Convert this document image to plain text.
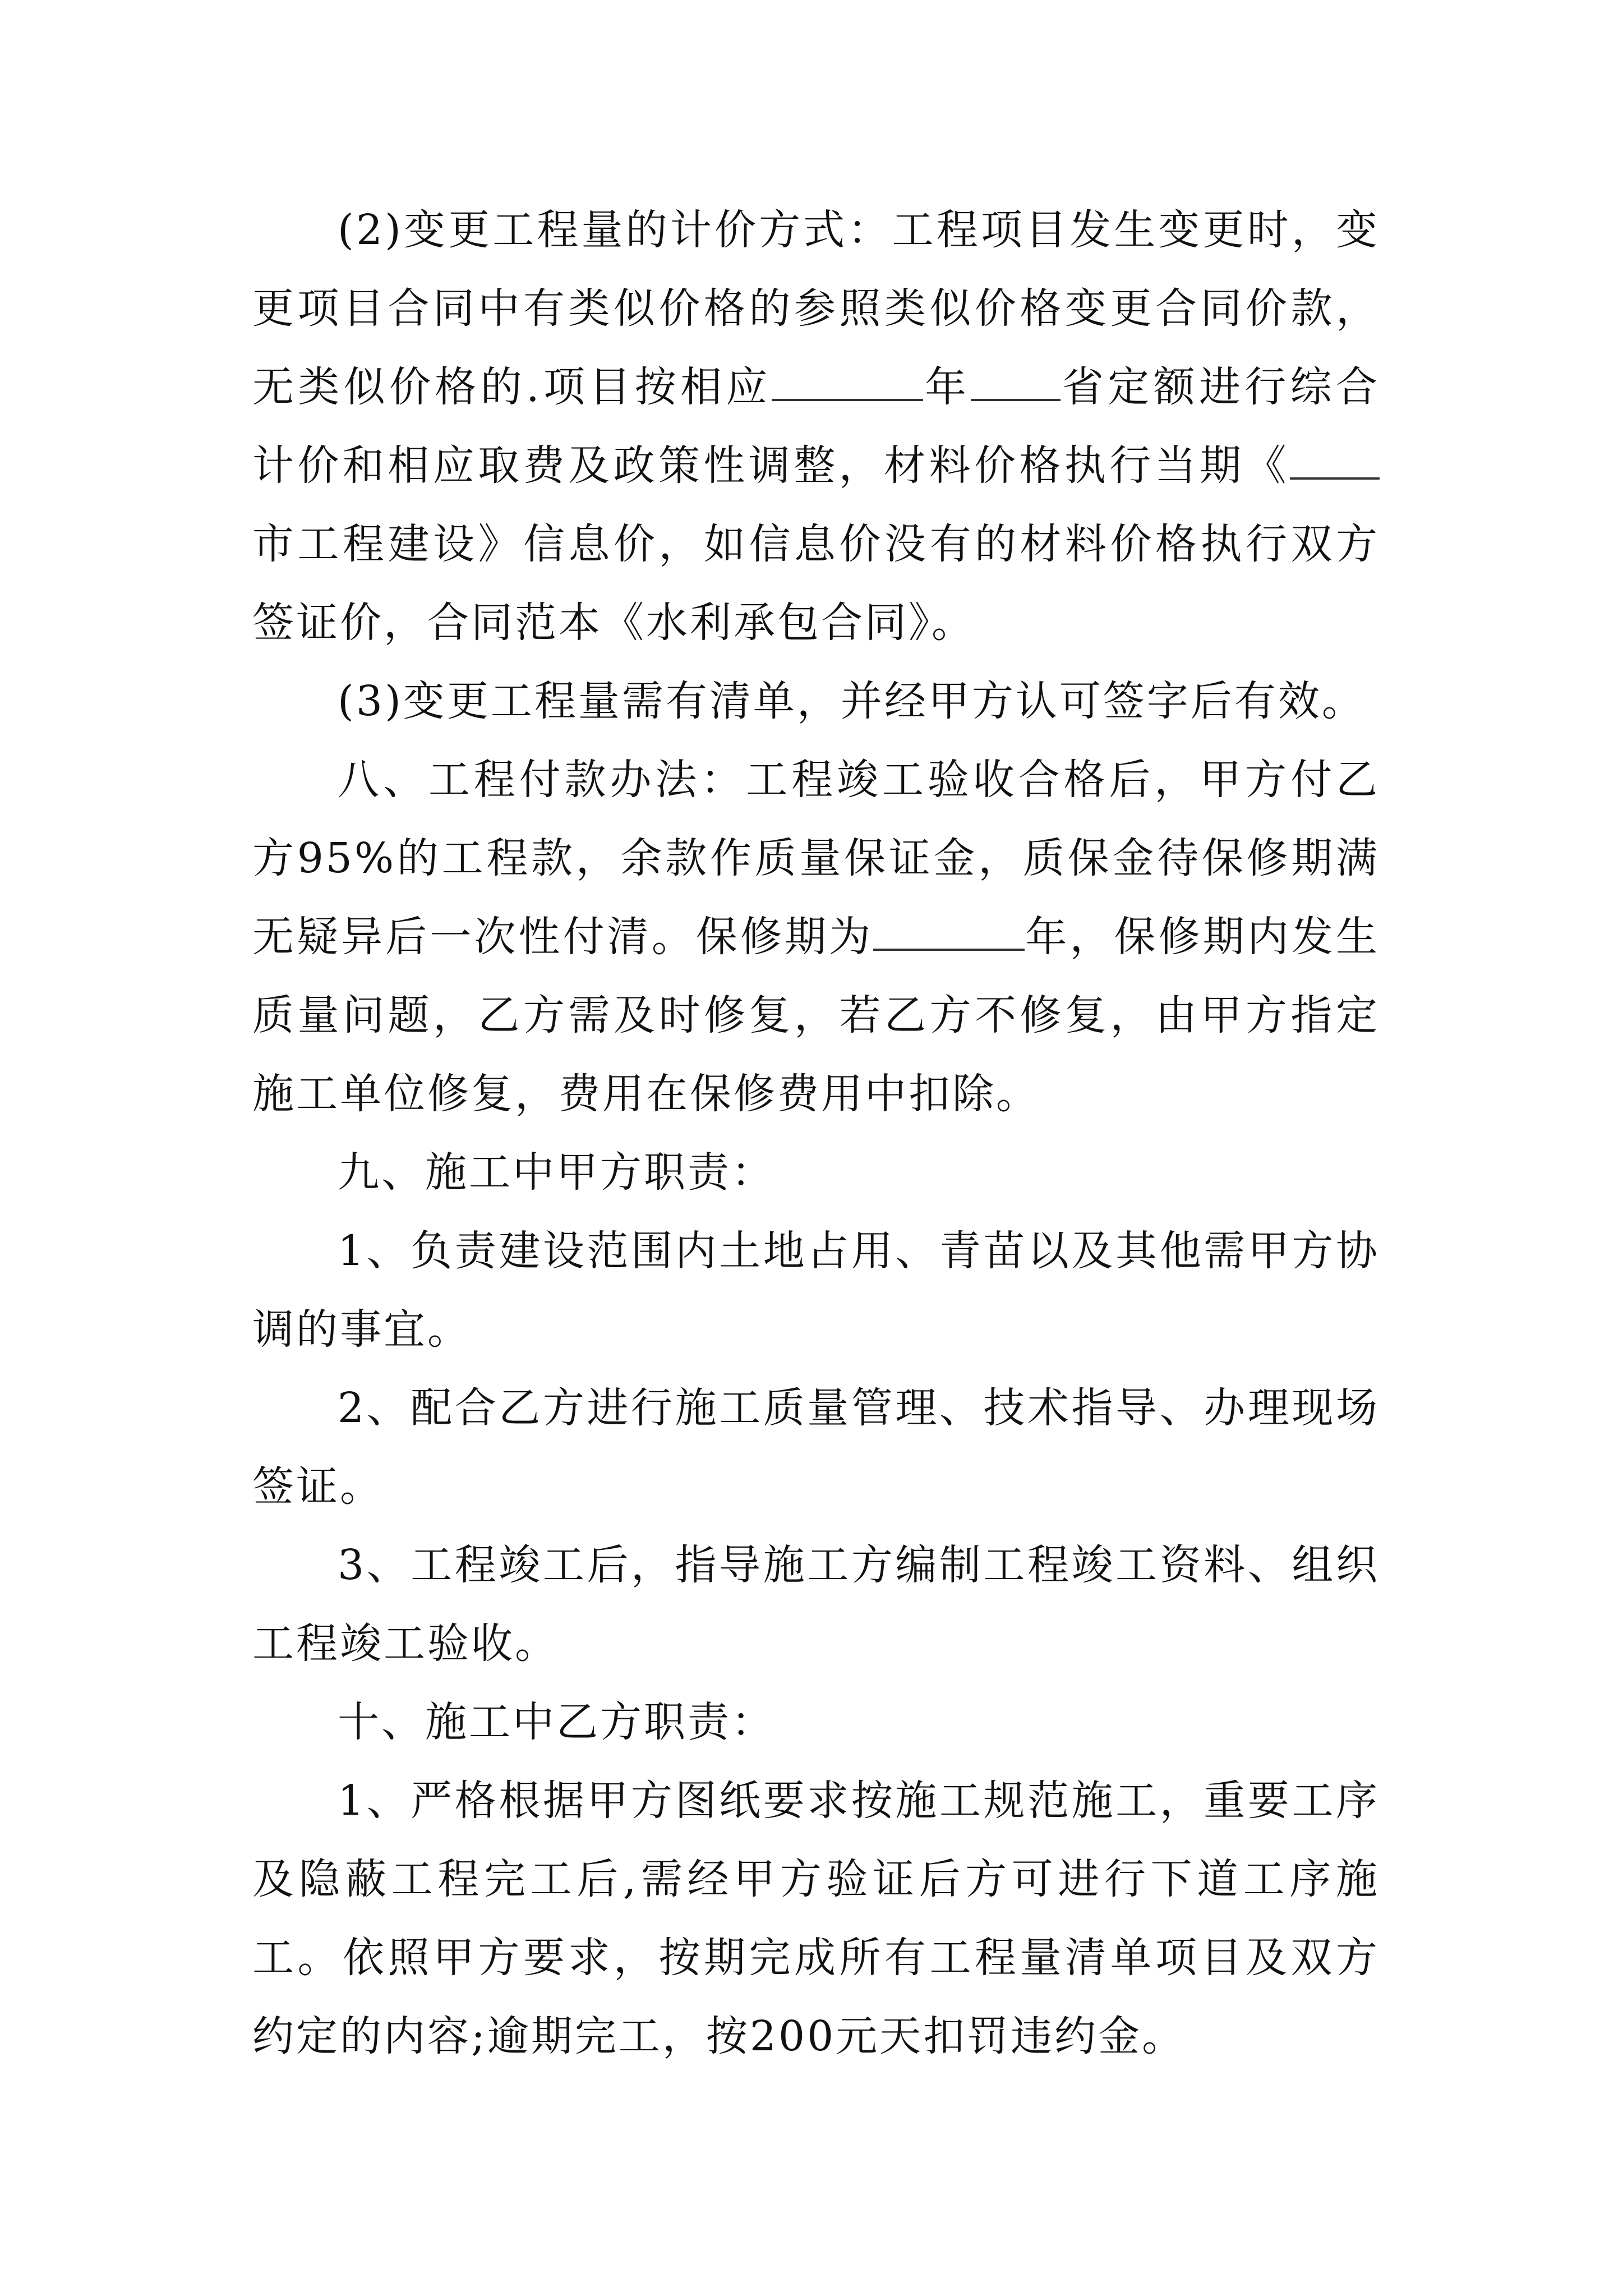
(2)变更工程量的计价方式：工程项目发生变更时，变更项目合同中有类似价格的参照类似价格变更合同价款，无类似价格的.项目按相应	年 省定额进行综合计价和相应取费及政策性调整，材料价格执行当期《市工程建设》信息价，如信息价没有的材料价格执行双方签证价，合同范本《水利承包合同》。

(3)变更工程量需有清单，并经甲方认可签字后有效。

八、工程付款办法：工程竣工验收合格后，甲方付乙方95%的工程款，余款作质量保证金，质保金待保修期满无疑异后一次性付清。保修期为	年，保修期内发生质量问题，乙方需及时修复，若乙方不修复，由甲方指定施工单位修复，费用在保修费用中扣除。

九、施工中甲方职责：

1、负责建设范围内土地占用、青苗以及其他需甲方协调的事宜。

2、配合乙方进行施工质量管理、技术指导、办理现场签证。

3、工程竣工后，指导施工方编制工程竣工资料、组织工程竣工验收。

十、施工中乙方职责：

1、严格根据甲方图纸要求按施工规范施工，重要工序及隐蔽工程完工后,需经甲方验证后方可进行下道工序施工。依照甲方要求，按期完成所有工程量清单项目及双方约定的内容;逾期完工，按200元天扣罚违约金。
